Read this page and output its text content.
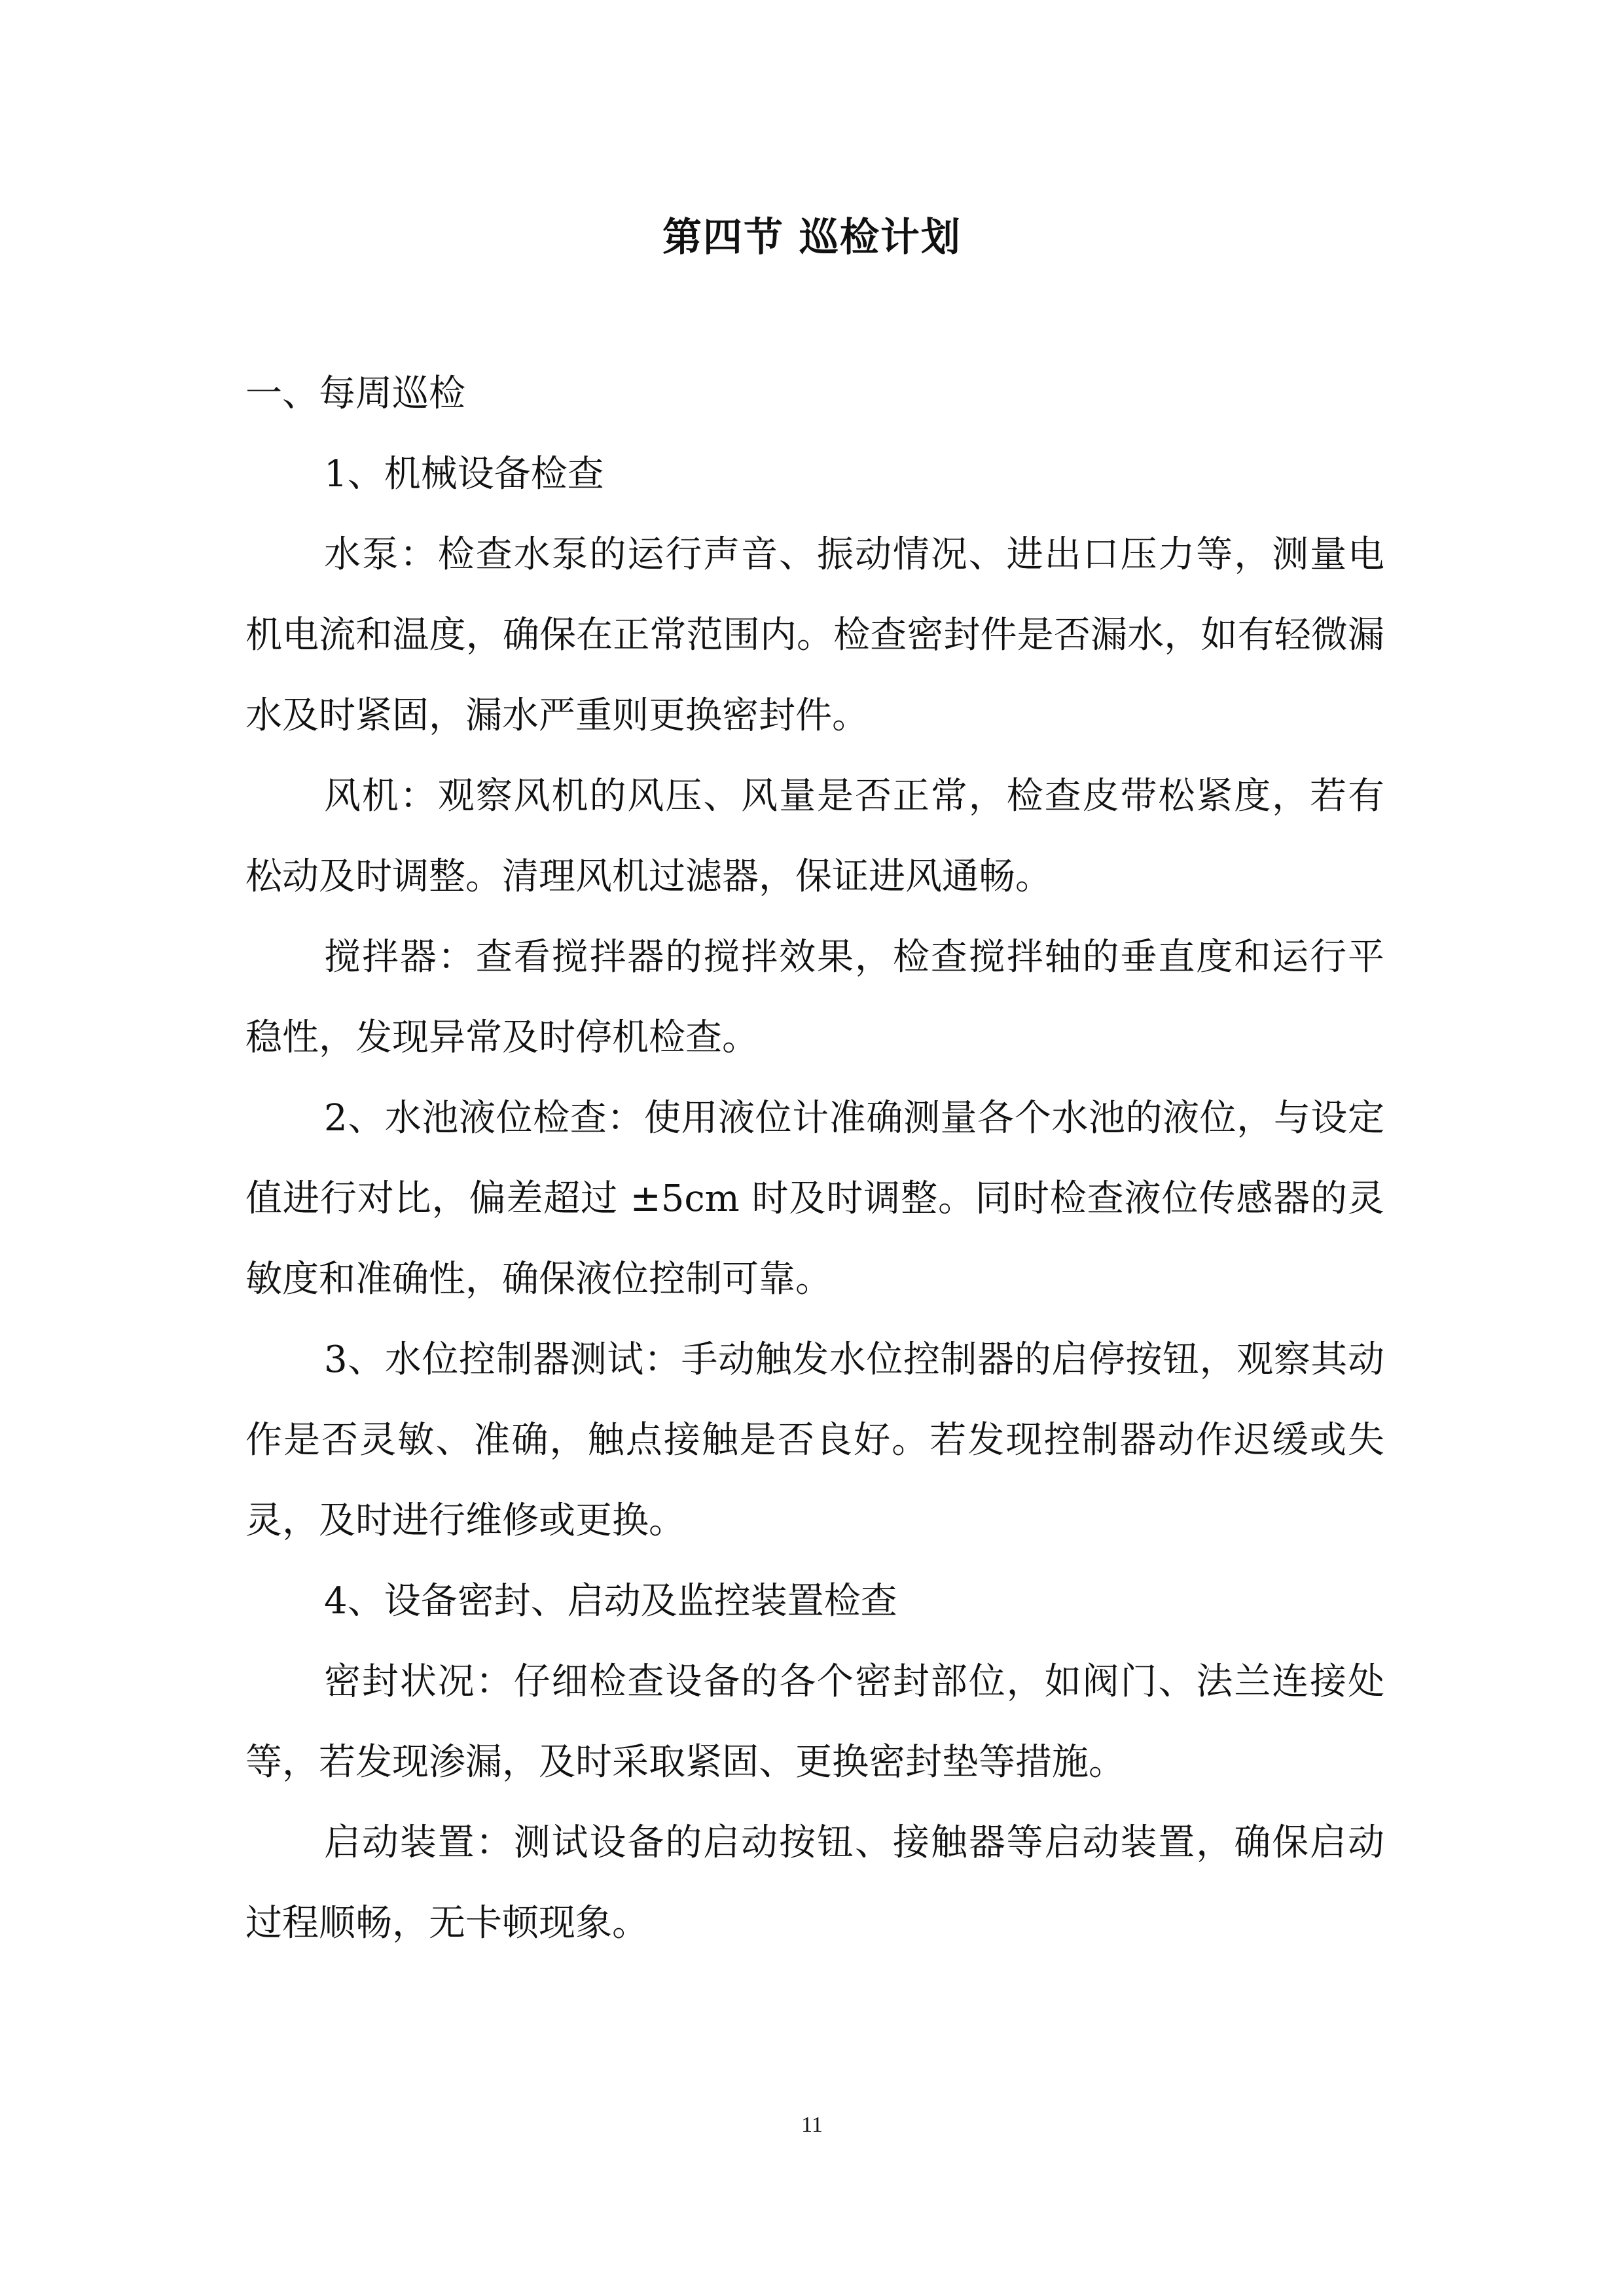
第四节 巡检计划

一、每周巡检

1、机械设备检查

水泵：检查水泵的运行声音、振动情况、进出口压力等，测量电机电流和温度，确保在正常范围内。检查密封件是否漏水，如有轻微漏水及时紧固，漏水严重则更换密封件。

风机：观察风机的风压、风量是否正常，检查皮带松紧度，若有松动及时调整。清理风机过滤器，保证进风通畅。

搅拌器：查看搅拌器的搅拌效果，检查搅拌轴的垂直度和运行平稳性，发现异常及时停机检查。

2、水池液位检查：使用液位计准确测量各个水池的液位，与设定值进行对比，偏差超过 ±5cm 时及时调整。同时检查液位传感器的灵敏度和准确性，确保液位控制可靠。

3、水位控制器测试：手动触发水位控制器的启停按钮，观察其动作是否灵敏、准确，触点接触是否良好。若发现控制器动作迟缓或失灵，及时进行维修或更换。

4、设备密封、启动及监控装置检查

密封状况：仔细检查设备的各个密封部位，如阀门、法兰连接处等，若发现渗漏，及时采取紧固、更换密封垫等措施。

启动装置：测试设备的启动按钮、接触器等启动装置，确保启动过程顺畅，无卡顿现象。

11
